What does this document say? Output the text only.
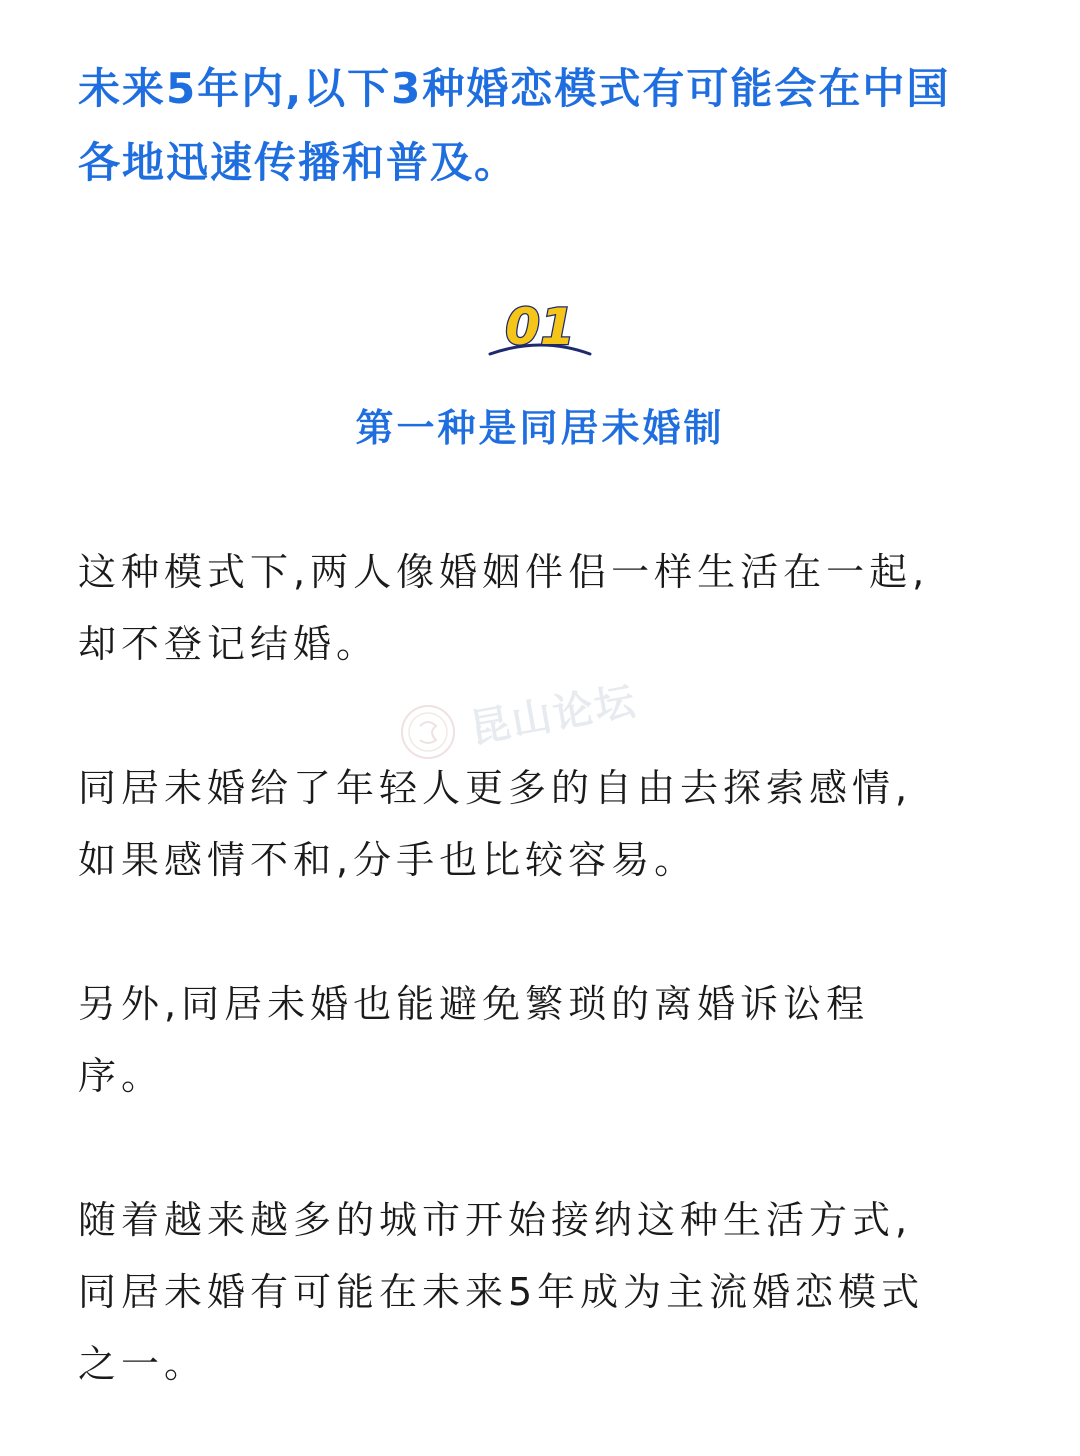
未来5年内,以下3种婚恋模式有可能会在中国
各地迅速传播和普及。
01
第一种是同居未婚制
这种模式下,两人像婚姻伴侣一样生活在一起,
却不登记结婚。
同居未婚给了年轻人更多的自由去探索感情,
如果感情不和,分手也比较容易。
另外,同居未婚也能避免繁琐的离婚诉讼程
序。
随着越来越多的城市开始接纳这种生活方式,
同居未婚有可能在未来5年成为主流婚恋模式
之一。
昆山论坛
